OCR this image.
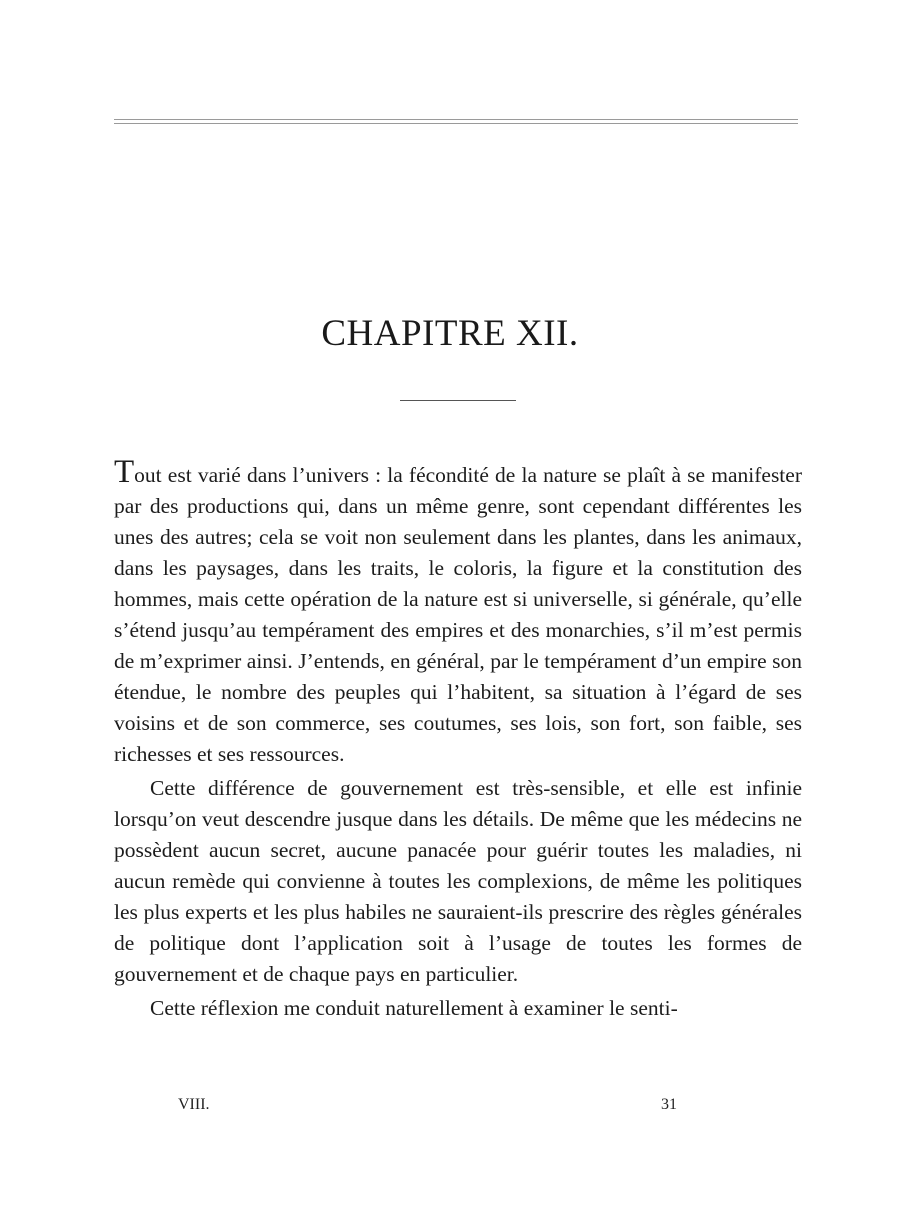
CHAPITRE XII.

Tout est varié dans l’univers : la fécondité de la nature se plaît à se manifester par des productions qui, dans un même genre, sont cependant différentes les unes des autres; cela se voit non seulement dans les plantes, dans les animaux, dans les paysages, dans les traits, le coloris, la figure et la constitution des hommes, mais cette opération de la nature est si universelle, si générale, qu’elle s’étend jusqu’au tempérament des empires et des monarchies, s’il m’est permis de m’exprimer ainsi. J’entends, en général, par le tempérament d’un empire son étendue, le nombre des peuples qui l’habitent, sa situation à l’égard de ses voisins et de son commerce, ses coutumes, ses lois, son fort, son faible, ses richesses et ses ressources.

Cette différence de gouvernement est très-sensible, et elle est infinie lorsqu’on veut descendre jusque dans les détails. De même que les médecins ne possèdent aucun secret, aucune panacée pour guérir toutes les maladies, ni aucun remède qui convienne à toutes les complexions, de même les politiques les plus experts et les plus habiles ne sauraient-ils prescrire des règles générales de politique dont l’application soit à l’usage de toutes les formes de gouvernement et de chaque pays en particulier.

Cette réflexion me conduit naturellement à examiner le senti-

VIII.	31
